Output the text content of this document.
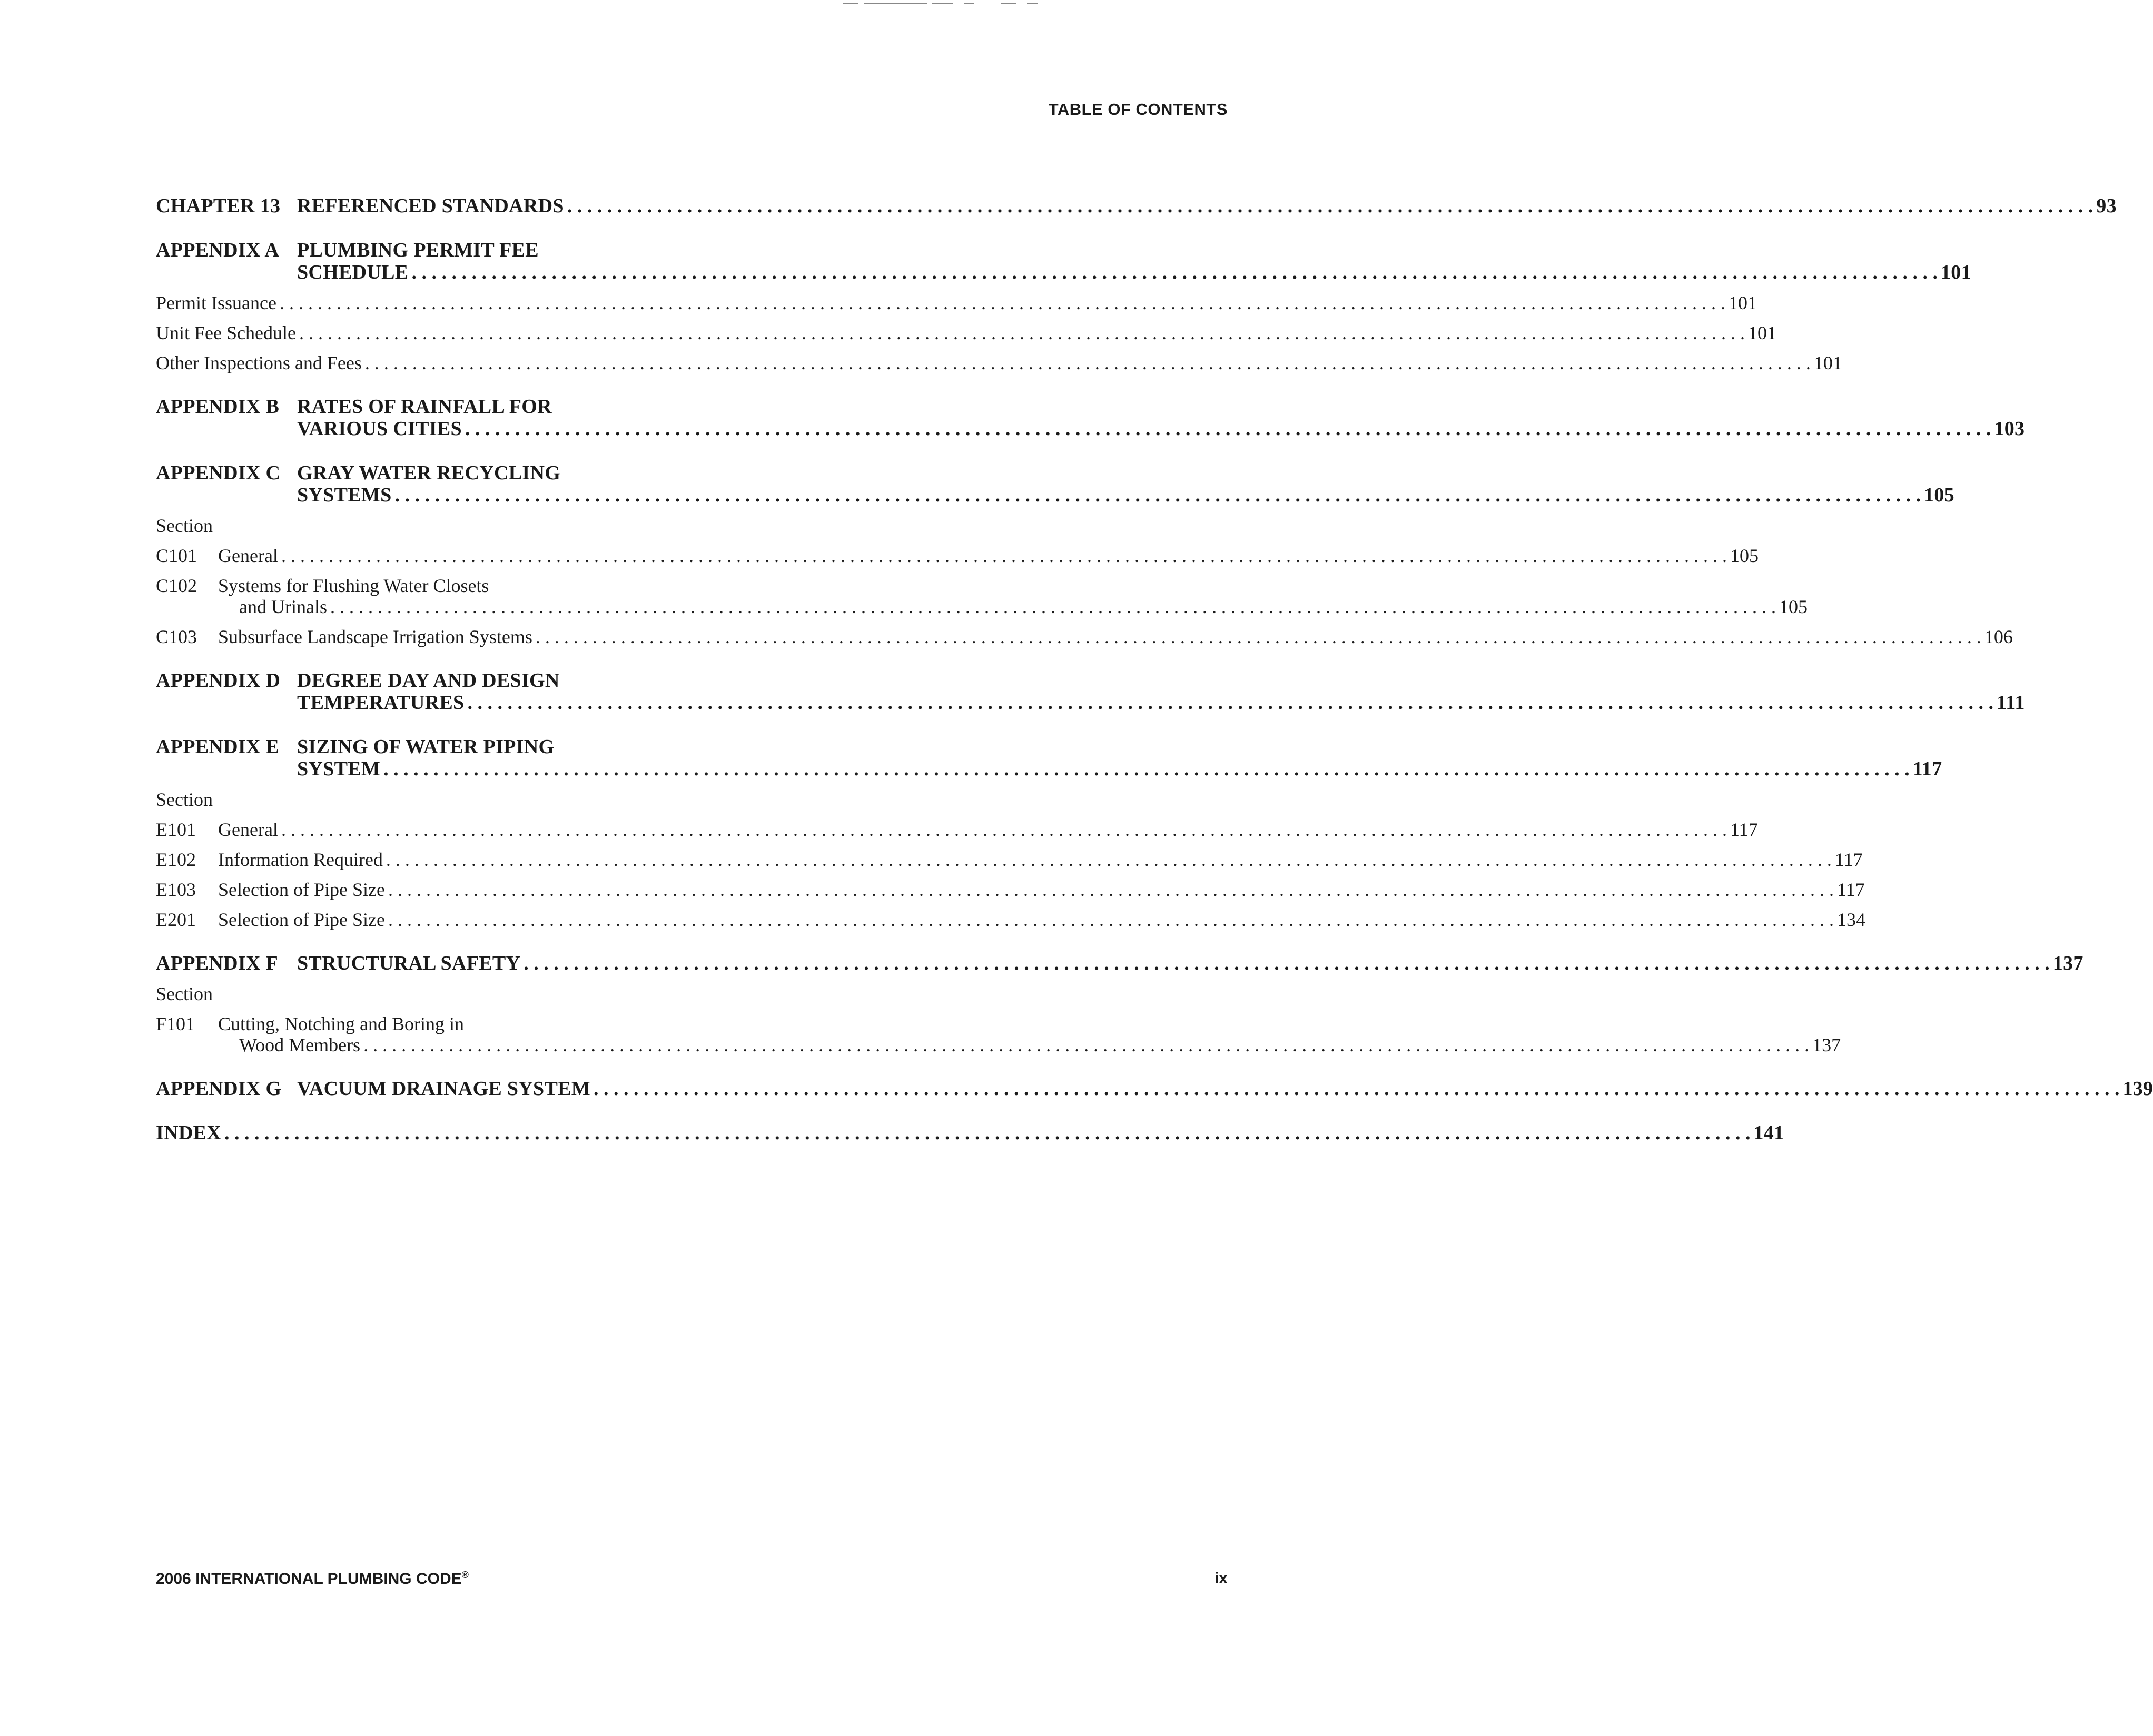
TABLE OF CONTENTS
CHAPTER 13 REFERENCED STANDARDS . . .	93
APPENDIX A PLUMBING PERMIT FEE
SCHEDULE . . .	101
Permit Issuance . . .	101
Unit Fee Schedule . . .	101
Other Inspections and Fees . . .	101
APPENDIX B RATES OF RAINFALL FOR
VARIOUS CITIES . . .	103
APPENDIX C GRAY WATER RECYCLING
SYSTEMS . . .	105
Section
C101	General . . .	105
C102	Systems for Flushing Water Closets
and Urinals . . .	105
C103	Subsurface Landscape Irrigation Systems . . .	106
APPENDIX D DEGREE DAY AND DESIGN
TEMPERATURES . . .	111
APPENDIX E SIZING OF WATER PIPING
SYSTEM . . .	117
Section
E101	General . . .	117
E102	Information Required . . .	117
E103	Selection of Pipe Size . . .	117
E201	Selection of Pipe Size . . .	134
APPENDIX F STRUCTURAL SAFETY . . .	137
Section
F101	Cutting, Notching and Boring in
Wood Members . . .	137
APPENDIX G VACUUM DRAINAGE SYSTEM . . .	139
INDEX . . .	141
2006 INTERNATIONAL PLUMBING CODE®	ix
